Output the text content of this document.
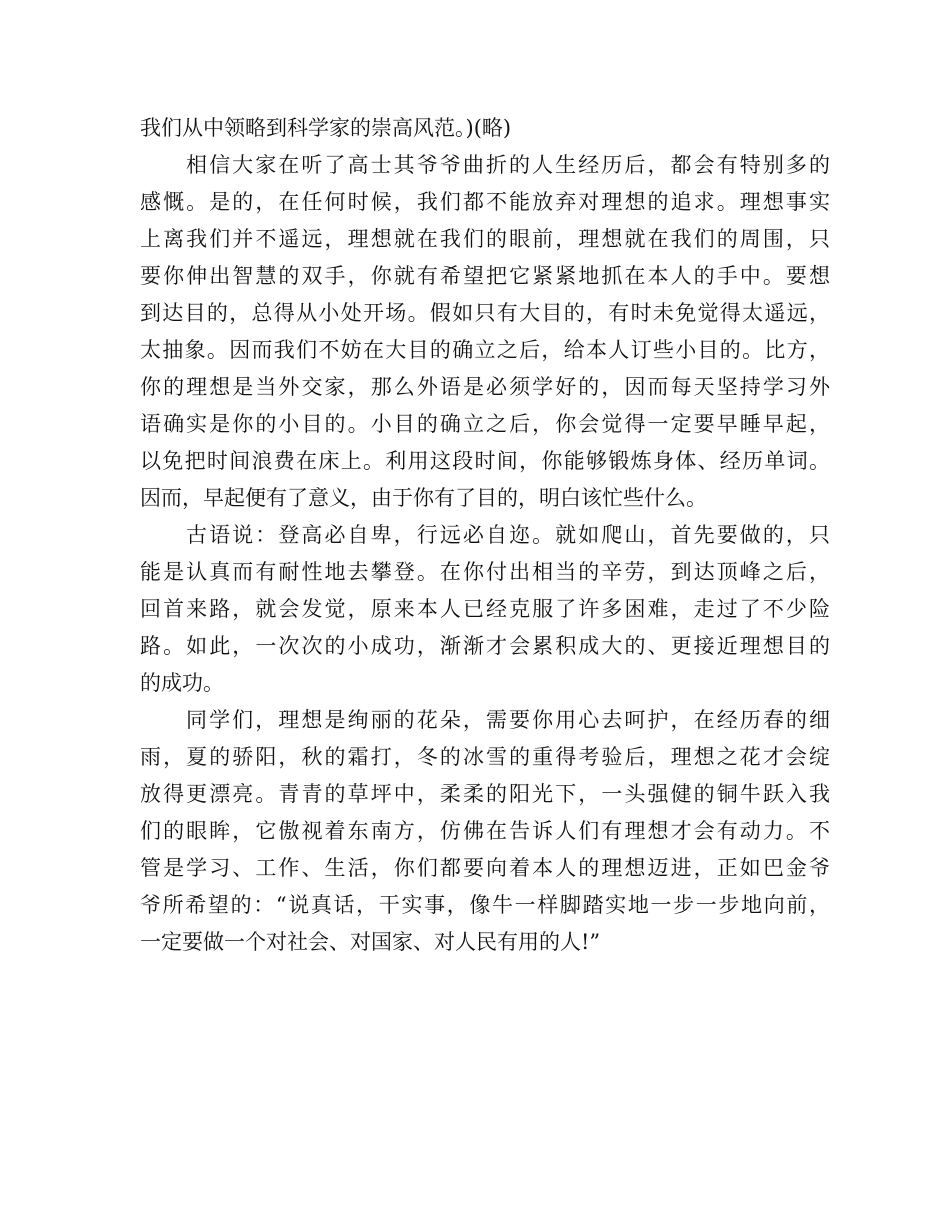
我们从中领略到科学家的崇高风范。)(略)
相信大家在听了高士其爷爷曲折的人生经历后，都会有特别多的
感慨。是的，在任何时候，我们都不能放弃对理想的追求。理想事实
上离我们并不遥远，理想就在我们的眼前，理想就在我们的周围，只
要你伸出智慧的双手，你就有希望把它紧紧地抓在本人的手中。要想
到达目的，总得从小处开场。假如只有大目的，有时未免觉得太遥远，
太抽象。因而我们不妨在大目的确立之后，给本人订些小目的。比方，
你的理想是当外交家，那么外语是必须学好的，因而每天坚持学习外
语确实是你的小目的。小目的确立之后，你会觉得一定要早睡早起，
以免把时间浪费在床上。利用这段时间，你能够锻炼身体、经历单词。
因而，早起便有了意义，由于你有了目的，明白该忙些什么。
古语说：登高必自卑，行远必自迩。就如爬山，首先要做的，只
能是认真而有耐性地去攀登。在你付出相当的辛劳，到达顶峰之后，
回首来路，就会发觉，原来本人已经克服了许多困难，走过了不少险
路。如此，一次次的小成功，渐渐才会累积成大的、更接近理想目的
的成功。
同学们，理想是绚丽的花朵，需要你用心去呵护，在经历春的细
雨，夏的骄阳，秋的霜打，冬的冰雪的重得考验后，理想之花才会绽
放得更漂亮。青青的草坪中，柔柔的阳光下，一头强健的铜牛跃入我
们的眼眸，它傲视着东南方，仿佛在告诉人们有理想才会有动力。不
管是学习、工作、生活，你们都要向着本人的理想迈进，正如巴金爷
爷所希望的：“说真话，干实事，像牛一样脚踏实地一步一步地向前，
一定要做一个对社会、对国家、对人民有用的人!”
